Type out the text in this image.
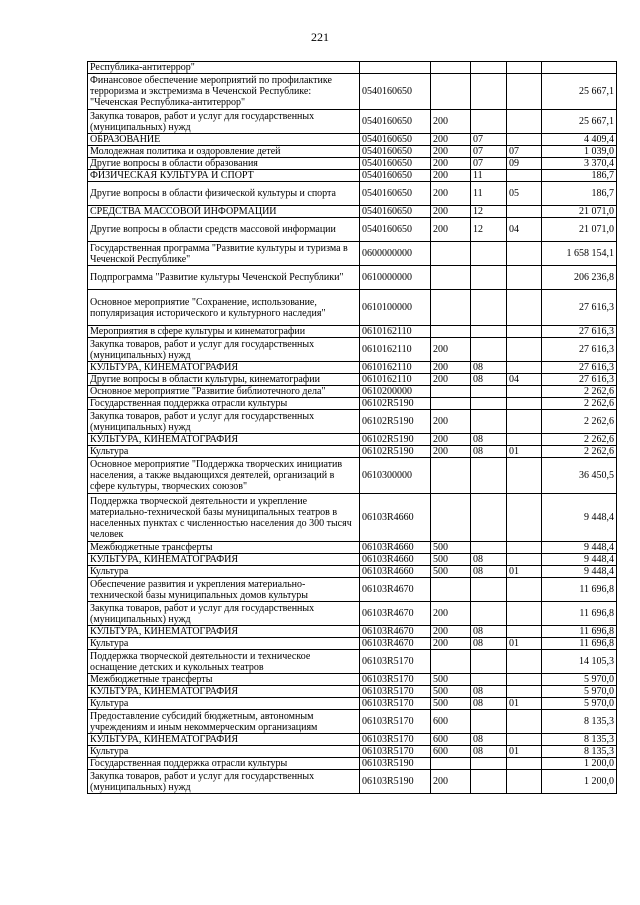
221
Республика-антитеррор"					
Финансовое обеспечение мероприятий по профилактике терроризма и экстремизма в Чеченской Республике: "Чеченская Республика-антитеррор"	0540160650				25 667,1
Закупка товаров, работ и услуг для государственных (муниципальных) нужд	0540160650	200			25 667,1
ОБРАЗОВАНИЕ	0540160650	200	07		4 409,4
Молодежная политика и оздоровление детей	0540160650	200	07	07	1 039,0
Другие вопросы в области образования	0540160650	200	07	09	3 370,4
ФИЗИЧЕСКАЯ КУЛЬТУРА И СПОРТ	0540160650	200	11		186,7
Другие вопросы в области физической культуры и спорта	0540160650	200	11	05	186,7
СРЕДСТВА МАССОВОЙ ИНФОРМАЦИИ	0540160650	200	12		21 071,0
Другие вопросы в области средств массовой информации	0540160650	200	12	04	21 071,0
Государственная программа "Развитие культуры и туризма в Чеченской Республике"	0600000000				1 658 154,1
Подпрограмма "Развитие культуры Чеченской Республики"	0610000000				206 236,8
Основное мероприятие "Сохранение, использование, популяризация исторического и культурного наследия"	0610100000				27 616,3
Мероприятия в сфере культуры и кинематографии	0610162110				27 616,3
Закупка товаров, работ и услуг для государственных (муниципальных) нужд	0610162110	200			27 616,3
КУЛЬТУРА, КИНЕМАТОГРАФИЯ	0610162110	200	08		27 616,3
Другие вопросы в области культуры, кинематографии	0610162110	200	08	04	27 616,3
Основное мероприятие "Развитие библиотечного дела"	0610200000				2 262,6
Государственная поддержка отрасли культуры	06102R5190				2 262,6
Закупка товаров, работ и услуг для государственных (муниципальных) нужд	06102R5190	200			2 262,6
КУЛЬТУРА, КИНЕМАТОГРАФИЯ	06102R5190	200	08		2 262,6
Культура	06102R5190	200	08	01	2 262,6
Основное мероприятие "Поддержка творческих инициатив населения, а также выдающихся деятелей, организаций в сфере культуры, творческих союзов"	0610300000				36 450,5
Поддержка творческой деятельности и укрепление материально-технической базы муниципальных театров в населенных пунктах с численностью населения до 300 тысяч человек	06103R4660				9 448,4
Межбюджетные трансферты	06103R4660	500			9 448,4
КУЛЬТУРА, КИНЕМАТОГРАФИЯ	06103R4660	500	08		9 448,4
Культура	06103R4660	500	08	01	9 448,4
Обеспечение развития и укрепления материально-технической базы муниципальных домов культуры	06103R4670				11 696,8
Закупка товаров, работ и услуг для государственных (муниципальных) нужд	06103R4670	200			11 696,8
КУЛЬТУРА, КИНЕМАТОГРАФИЯ	06103R4670	200	08		11 696,8
Культура	06103R4670	200	08	01	11 696,8
Поддержка творческой деятельности и техническое оснащение детских и кукольных театров	06103R5170				14 105,3
Межбюджетные трансферты	06103R5170	500			5 970,0
КУЛЬТУРА, КИНЕМАТОГРАФИЯ	06103R5170	500	08		5 970,0
Культура	06103R5170	500	08	01	5 970,0
Предоставление субсидий бюджетным, автономным учреждениям и иным некоммерческим организациям	06103R5170	600			8 135,3
КУЛЬТУРА, КИНЕМАТОГРАФИЯ	06103R5170	600	08		8 135,3
Культура	06103R5170	600	08	01	8 135,3
Государственная поддержка отрасли культуры	06103R5190				1 200,0
Закупка товаров, работ и услуг для государственных (муниципальных) нужд	06103R5190	200			1 200,0
